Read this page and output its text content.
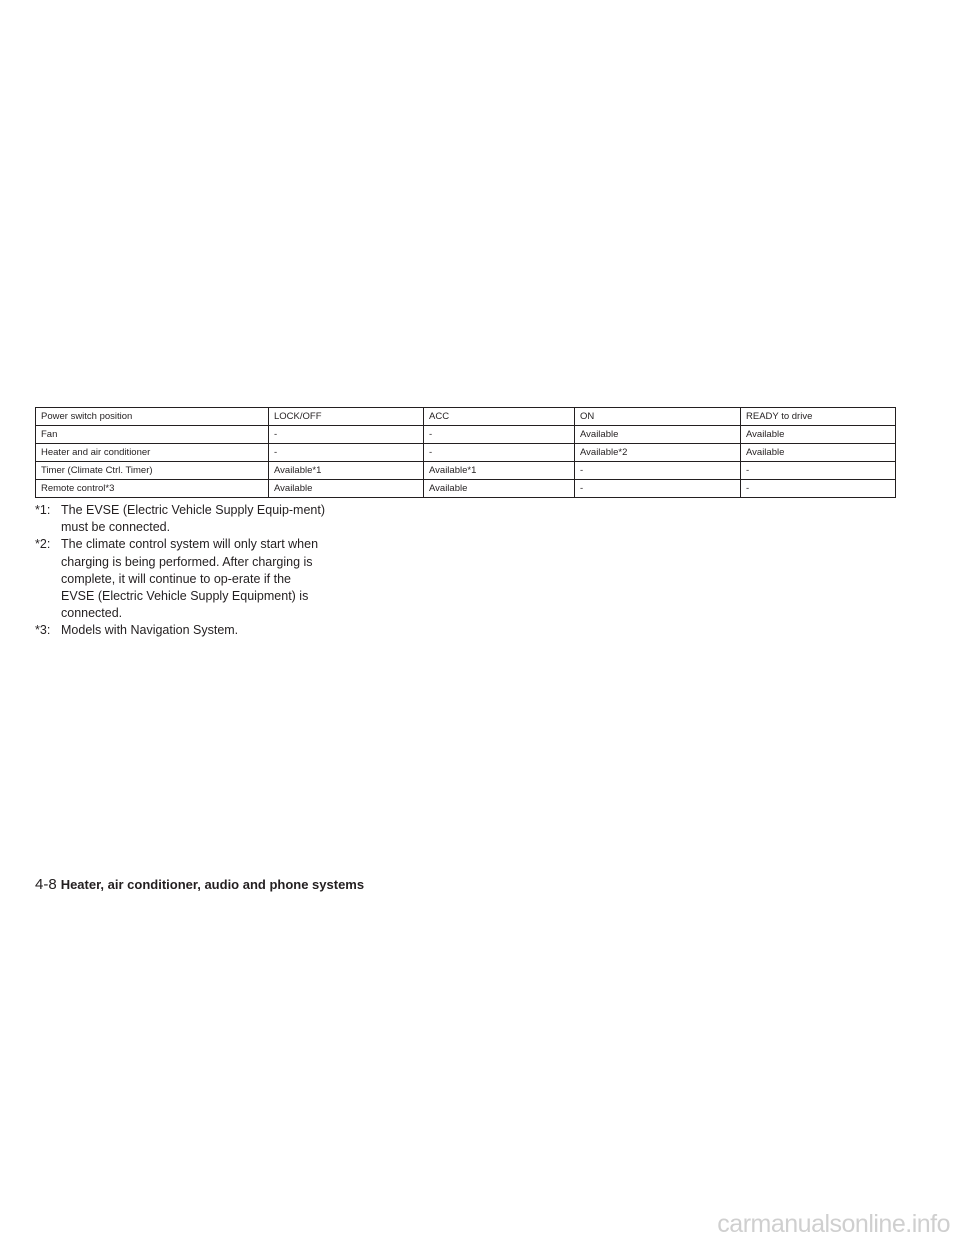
Power switch position	LOCK/OFF	ACC	ON	READY to drive
Fan	-	-	Available	Available
Heater and air conditioner	-	-	Available*2	Available
Timer (Climate Ctrl. Timer)	Available*1	Available*1	-	-
Remote control*3	Available	Available	-	-

*1: The EVSE (Electric Vehicle Supply Equip-ment) must be connected.

*2: The climate control system will only start when charging is being performed. After charging is complete, it will continue to op-erate if the EVSE (Electric Vehicle Supply Equipment) is connected.

*3: Models with Navigation System.

4-8 Heater, air conditioner, audio and phone systems
carmanualsonline.info
